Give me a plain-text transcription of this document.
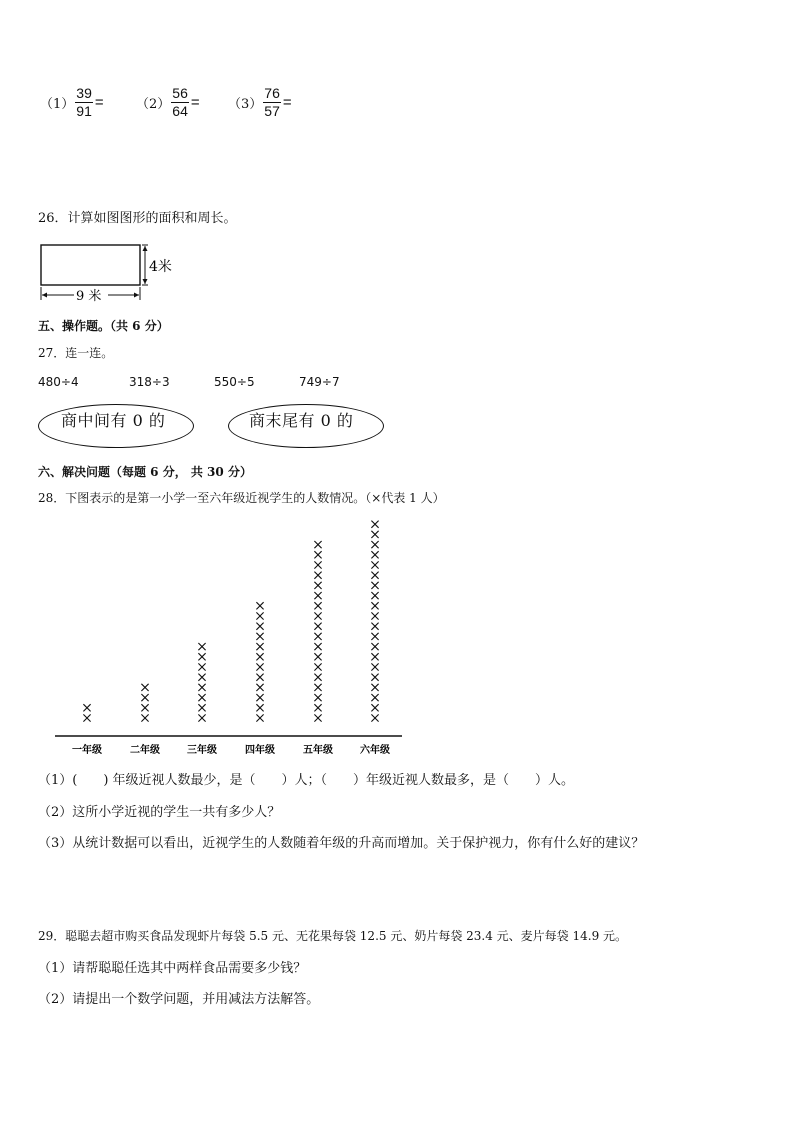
$(1) \frac{39}{91} = (2) \frac{56}{64} = (3) \frac{76}{57}$ =
26．计算如图图形的面积和周长。
4米
9 米
五、操作题。（共 6 分）
27．连一连。
480÷4	318÷3	550÷5	749÷7
商中间有 0 的	商末尾有 0 的
六、解决问题（每题 6 分， 共 30 分）
28．下图表示的是第一小学一至六年级近视学生的人数情况。（×代表 1 人）
一年级	二年级	三年级	四年级	五年级	六年级
（1）(　　) 年级近视人数最少，是（　　）人；（　　）年级近视人数最多，是（　　）人。
（2）这所小学近视的学生一共有多少人？
（3）从统计数据可以看出，近视学生的人数随着年级的升高而增加。关于保护视力，你有什么好的建议？
29．聪聪去超市购买食品发现虾片每袋 5.5 元、无花果每袋 12.5 元、奶片每袋 23.4 元、麦片每袋 14.9 元。
（1）请帮聪聪任选其中两样食品需要多少钱？
（2）请提出一个数学问题，并用减法方法解答。
